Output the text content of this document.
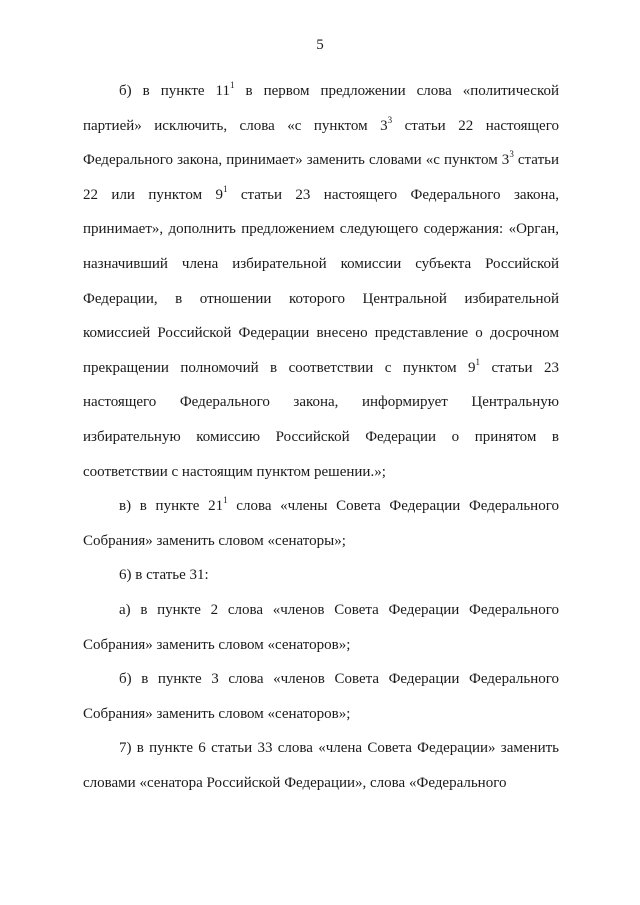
5

б) в пункте $11^1$ в первом предложении слова «политической партией» исключить, слова «с пунктом $3^3$ статьи 22 настоящего Федерального закона, принимает» заменить словами «с пунктом $3^3$ статьи 22 или пунктом $9^1$ статьи 23 настоящего Федерального закона, принимает», дополнить предложением следующего содержания: «Орган, назначивший члена избирательной комиссии субъекта Российской Федерации, в отношении которого Центральной избирательной комиссией Российской Федерации внесено представление о досрочном прекращении полномочий в соответствии с пунктом $9^1$ статьи 23 настоящего Федерального закона, информирует Центральную избирательную комиссию Российской Федерации о принятом в соответствии с настоящим пунктом решении.»;

в) в пункте $21^1$ слова «члены Совета Федерации Федерального Собрания» заменить словом «сенаторы»;

6) в статье 31:

а) в пункте 2 слова «членов Совета Федерации Федерального Собрания» заменить словом «сенаторов»;

б) в пункте 3 слова «членов Совета Федерации Федерального Собрания» заменить словом «сенаторов»;

7) в пункте 6 статьи 33 слова «члена Совета Федерации» заменить словами «сенатора Российской Федерации», слова «Федерального
